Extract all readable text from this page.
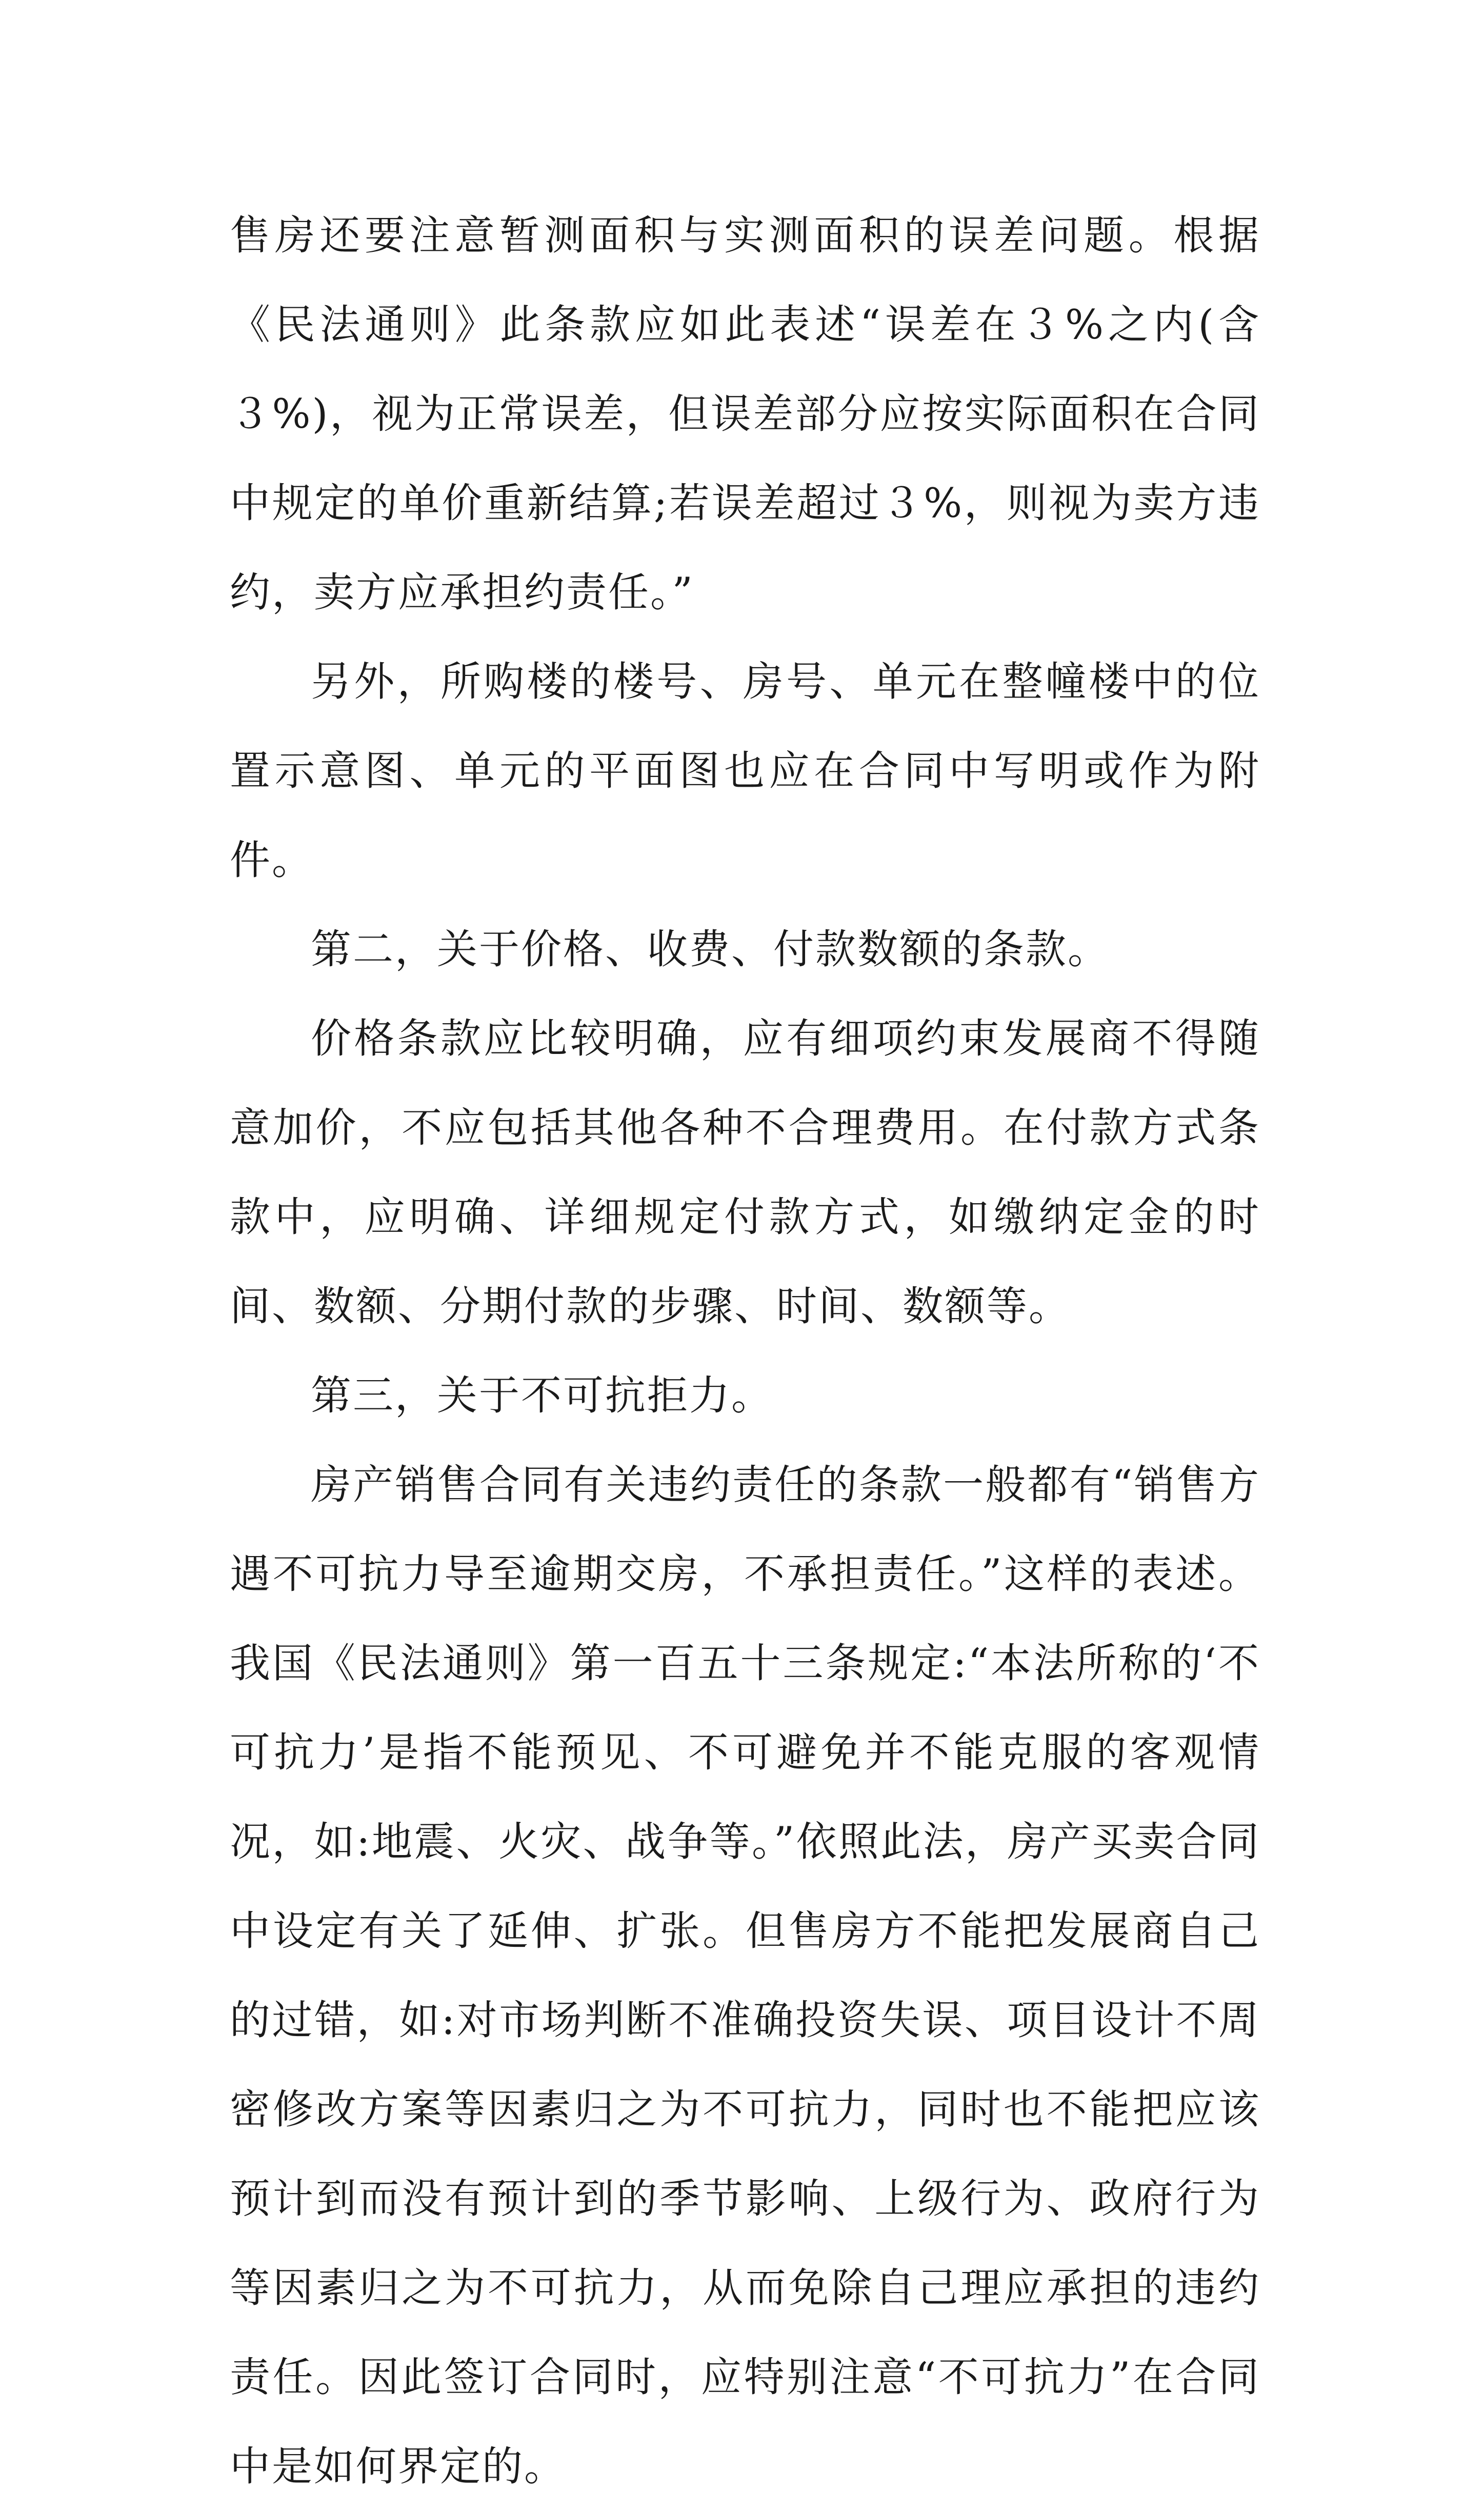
售房还要注意暂测面积与实测面积的误差问题。根据《民法通则》此条款应如此表述“误差在３%之内(含３%)，视为正常误差，但误差部分应按实际面积在合同中规定的单价重新结算;若误差超过３%，则视为卖方违约，卖方应承担约责任。”

另外，所购楼的楼号、房号、单元在整幢楼中的位置示意图、单元的平面图也应在合同中写明或作为附件。

第二，关于价格、收费、付款数额的条款。

价格条款应比较明确，应有细项约束发展商不得随意加价，不应包括其他各种不合理费用。在付款方式条款中，应明确、详细规定付款方式，如缴纳定金的时间、数额、分期付款的步骤、时间、数额等。

第三，关于不可抗拒力。

房产销售合同有关违约责任的条款一般都有“销售方遇不可抗力导至逾期交房，不承担责任。”这样的表述。我国《民法通则》第一百五十三条规定:“本法所称的‘不可抗力’是指不能预见、不可避免并不能克服的客观情况，如:地震、火灾、战争等。”依照此法，房产买卖合同中设定有关了延伸、扩张。但售房方不能把发展商自己的过错，如:对市场判断不准确投资失误、项目设计不周密修改方案等因素归之为不可抗力，同时也不能把应该预计到而没有预计到的季节影响、上级行为、政府行为等因素归之为不可抗力，从而免除自己理应承担的违约责任。因此签订合同时，应特别注意“不可抗力”在合同中是如何界定的。
